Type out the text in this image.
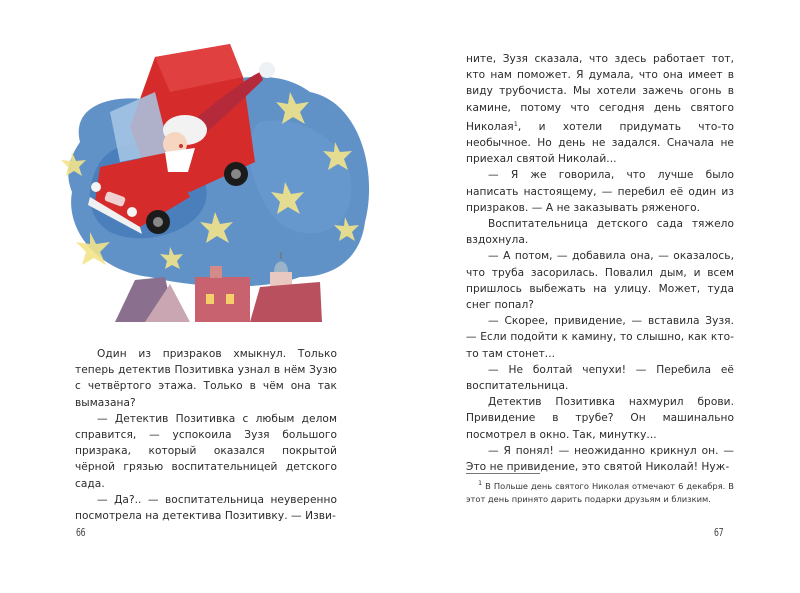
Один из призраков хмыкнул. Только теперь детектив Позитивка узнал в нём Зузю с четвёртого этажа. Только в чём она так вымазана?

— Детектив Позитивка с любым делом справится, — успокоила Зузя большого призрака, который оказался покрытой чёрной грязью воспитательницей детского сада.

— Да?.. — воспитательница неуверенно посмотрела на детектива Позитивку. — Изви-

66

ните, Зузя сказала, что здесь работает тот, кто нам поможет. Я думала, что она имеет в виду трубочиста. Мы хотели зажечь огонь в камине, потому что сегодня день святого Николая$^1$, и хотели придумать что-то необычное. Но день не задался. Сначала не приехал святой Николай...

— Я же говорила, что лучше было написать настоящему, — перебил её один из призраков. — А не заказывать ряженого.

Воспитательница детского сада тяжело вздохнула.

— А потом, — добавила она, — оказалось, что труба засорилась. Повалил дым, и всем пришлось выбежать на улицу. Может, туда снег попал?

— Скорее, привидение, — вставила Зузя. — Если подойти к камину, то слышно, как кто-то там стонет...

— Не болтай чепухи! — Перебила её воспитательница.

Детектив Позитивка нахмурил брови. Привидение в трубе? Он машинально посмотрел в окно. Так, минутку...

— Я понял! — неожиданно крикнул он. — Это не привидение, это святой Николай! Нуж-

$^1$ В Польше день святого Николая отмечают 6 декабря. В этот день принято дарить подарки друзьям и близким.

67
